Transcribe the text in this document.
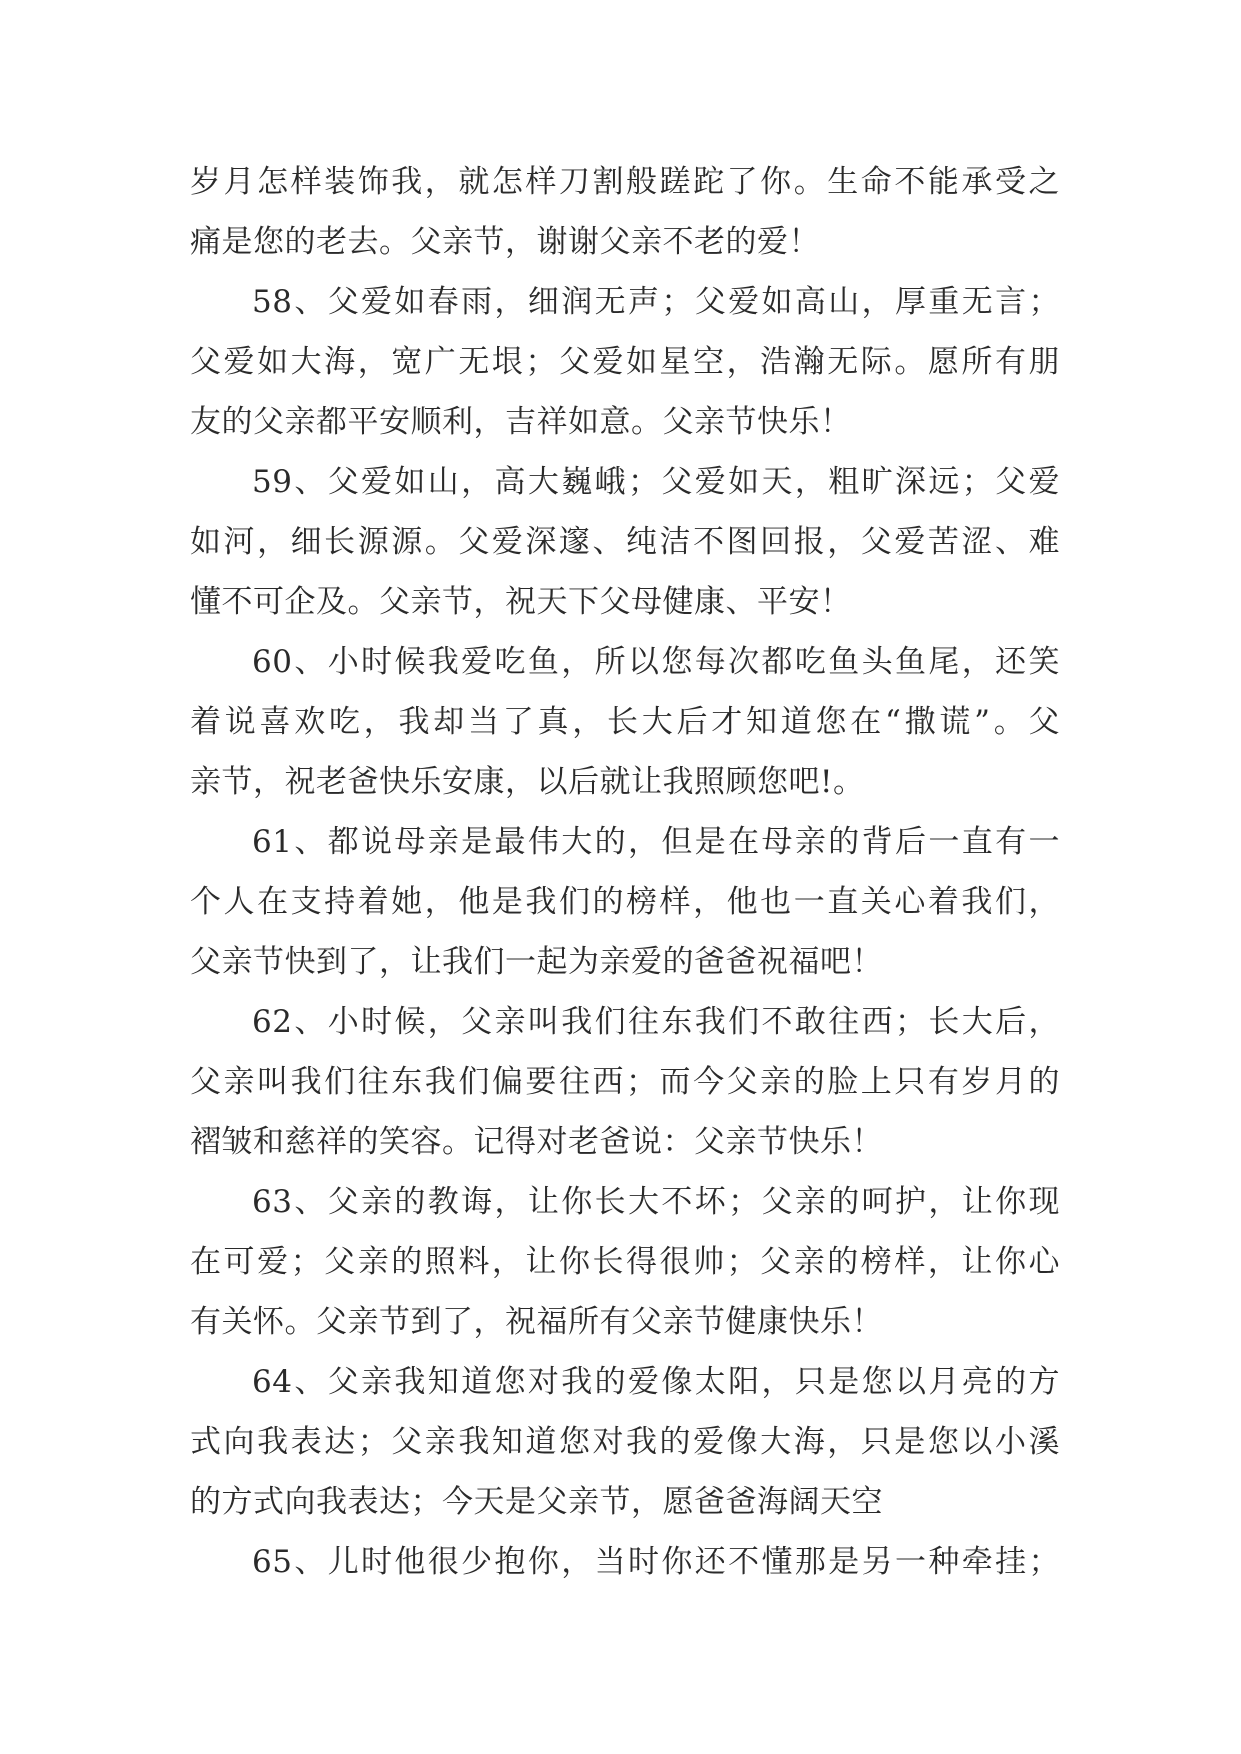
岁月怎样装饰我，就怎样刀割般蹉跎了你。生命不能承受之
痛是您的老去。父亲节，谢谢父亲不老的爱！
58、父爱如春雨，细润无声；父爱如高山，厚重无言；
父爱如大海，宽广无垠；父爱如星空，浩瀚无际。愿所有朋
友的父亲都平安顺利，吉祥如意。父亲节快乐！
59、父爱如山，高大巍峨；父爱如天，粗旷深远；父爱
如河，细长源源。父爱深邃、纯洁不图回报，父爱苦涩、难
懂不可企及。父亲节，祝天下父母健康、平安！
60、小时候我爱吃鱼，所以您每次都吃鱼头鱼尾，还笑
着说喜欢吃，我却当了真，长大后才知道您在“撒谎”。父
亲节，祝老爸快乐安康，以后就让我照顾您吧!。
61、都说母亲是最伟大的，但是在母亲的背后一直有一
个人在支持着她，他是我们的榜样，他也一直关心着我们，
父亲节快到了，让我们一起为亲爱的爸爸祝福吧！
62、小时候，父亲叫我们往东我们不敢往西；长大后，
父亲叫我们往东我们偏要往西；而今父亲的脸上只有岁月的
褶皱和慈祥的笑容。记得对老爸说：父亲节快乐！
63、父亲的教诲，让你长大不坏；父亲的呵护，让你现
在可爱；父亲的照料，让你长得很帅；父亲的榜样，让你心
有关怀。父亲节到了，祝福所有父亲节健康快乐！
64、父亲我知道您对我的爱像太阳，只是您以月亮的方
式向我表达；父亲我知道您对我的爱像大海，只是您以小溪
的方式向我表达；今天是父亲节，愿爸爸海阔天空
65、儿时他很少抱你，当时你还不懂那是另一种牵挂；
